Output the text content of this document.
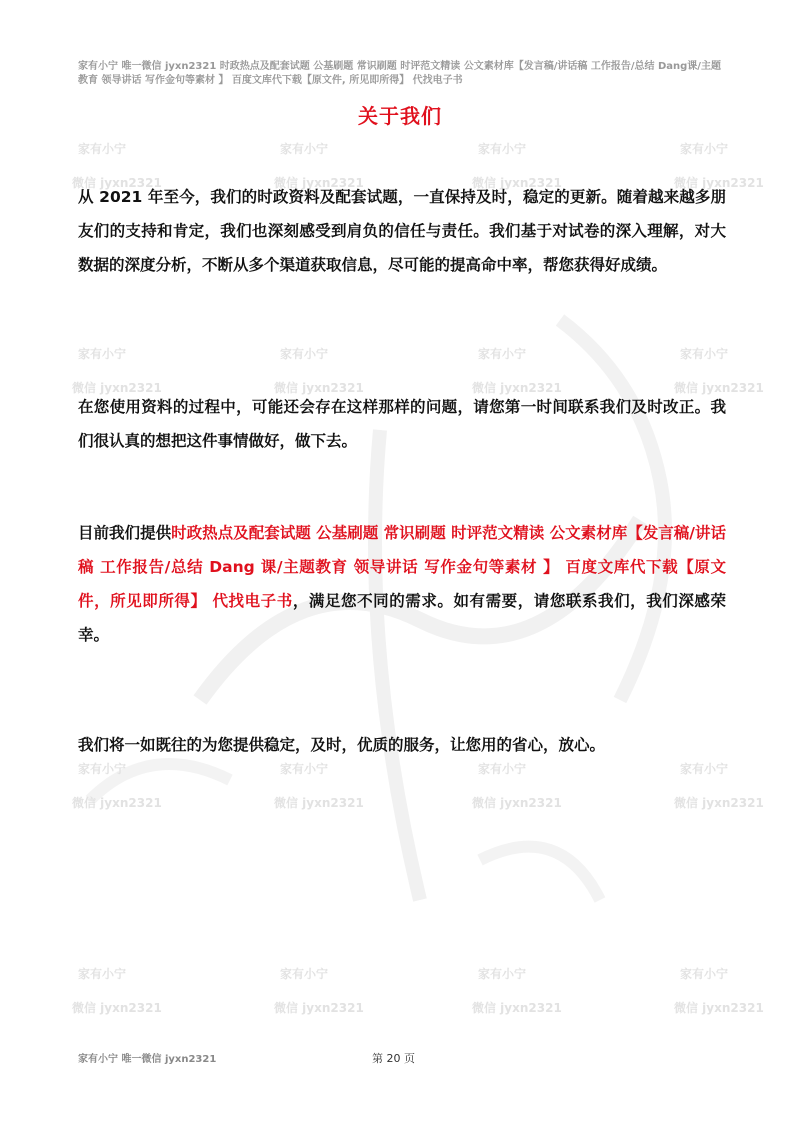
家有小宁
微信 jyxn2321
家有小宁
微信 jyxn2321
家有小宁
微信 jyxn2321
家有小宁
微信 jyxn2321
家有小宁
微信 jyxn2321
家有小宁
微信 jyxn2321
家有小宁
微信 jyxn2321
家有小宁
微信 jyxn2321
家有小宁
微信 jyxn2321
家有小宁
微信 jyxn2321
家有小宁
微信 jyxn2321
家有小宁
微信 jyxn2321
家有小宁
微信 jyxn2321
家有小宁
微信 jyxn2321
家有小宁
微信 jyxn2321
家有小宁
微信 jyxn2321
家有小宁 唯一微信 jyxn2321 时政热点及配套试题 公基刷题 常识刷题 时评范文精读 公文素材库【发言稿/讲话稿 工作报告/总结 Dang课/主题教育 领导讲话 写作金句等素材 】 百度文库代下载【原文件, 所见即所得】 代找电子书
关于我们
从 2021 年至今，我们的时政资料及配套试题，一直保持及时，稳定的更新。随着越来越多朋友们的支持和肯定，我们也深刻感受到肩负的信任与责任。我们基于对试卷的深入理解，对大数据的深度分析，不断从多个渠道获取信息，尽可能的提高命中率，帮您获得好成绩。
在您使用资料的过程中，可能还会存在这样那样的问题，请您第一时间联系我们及时改正。我们很认真的想把这件事情做好，做下去。
目前我们提供时政热点及配套试题 公基刷题 常识刷题 时评范文精读 公文素材库【发言稿/讲话稿 工作报告/总结 Dang 课/主题教育 领导讲话 写作金句等素材 】 百度文库代下载【原文件，所见即所得】 代找电子书，满足您不同的需求。如有需要，请您联系我们，我们深感荣幸。
我们将一如既往的为您提供稳定，及时，优质的服务，让您用的省心，放心。
家有小宁 唯一微信 jyxn2321	第 20 页
